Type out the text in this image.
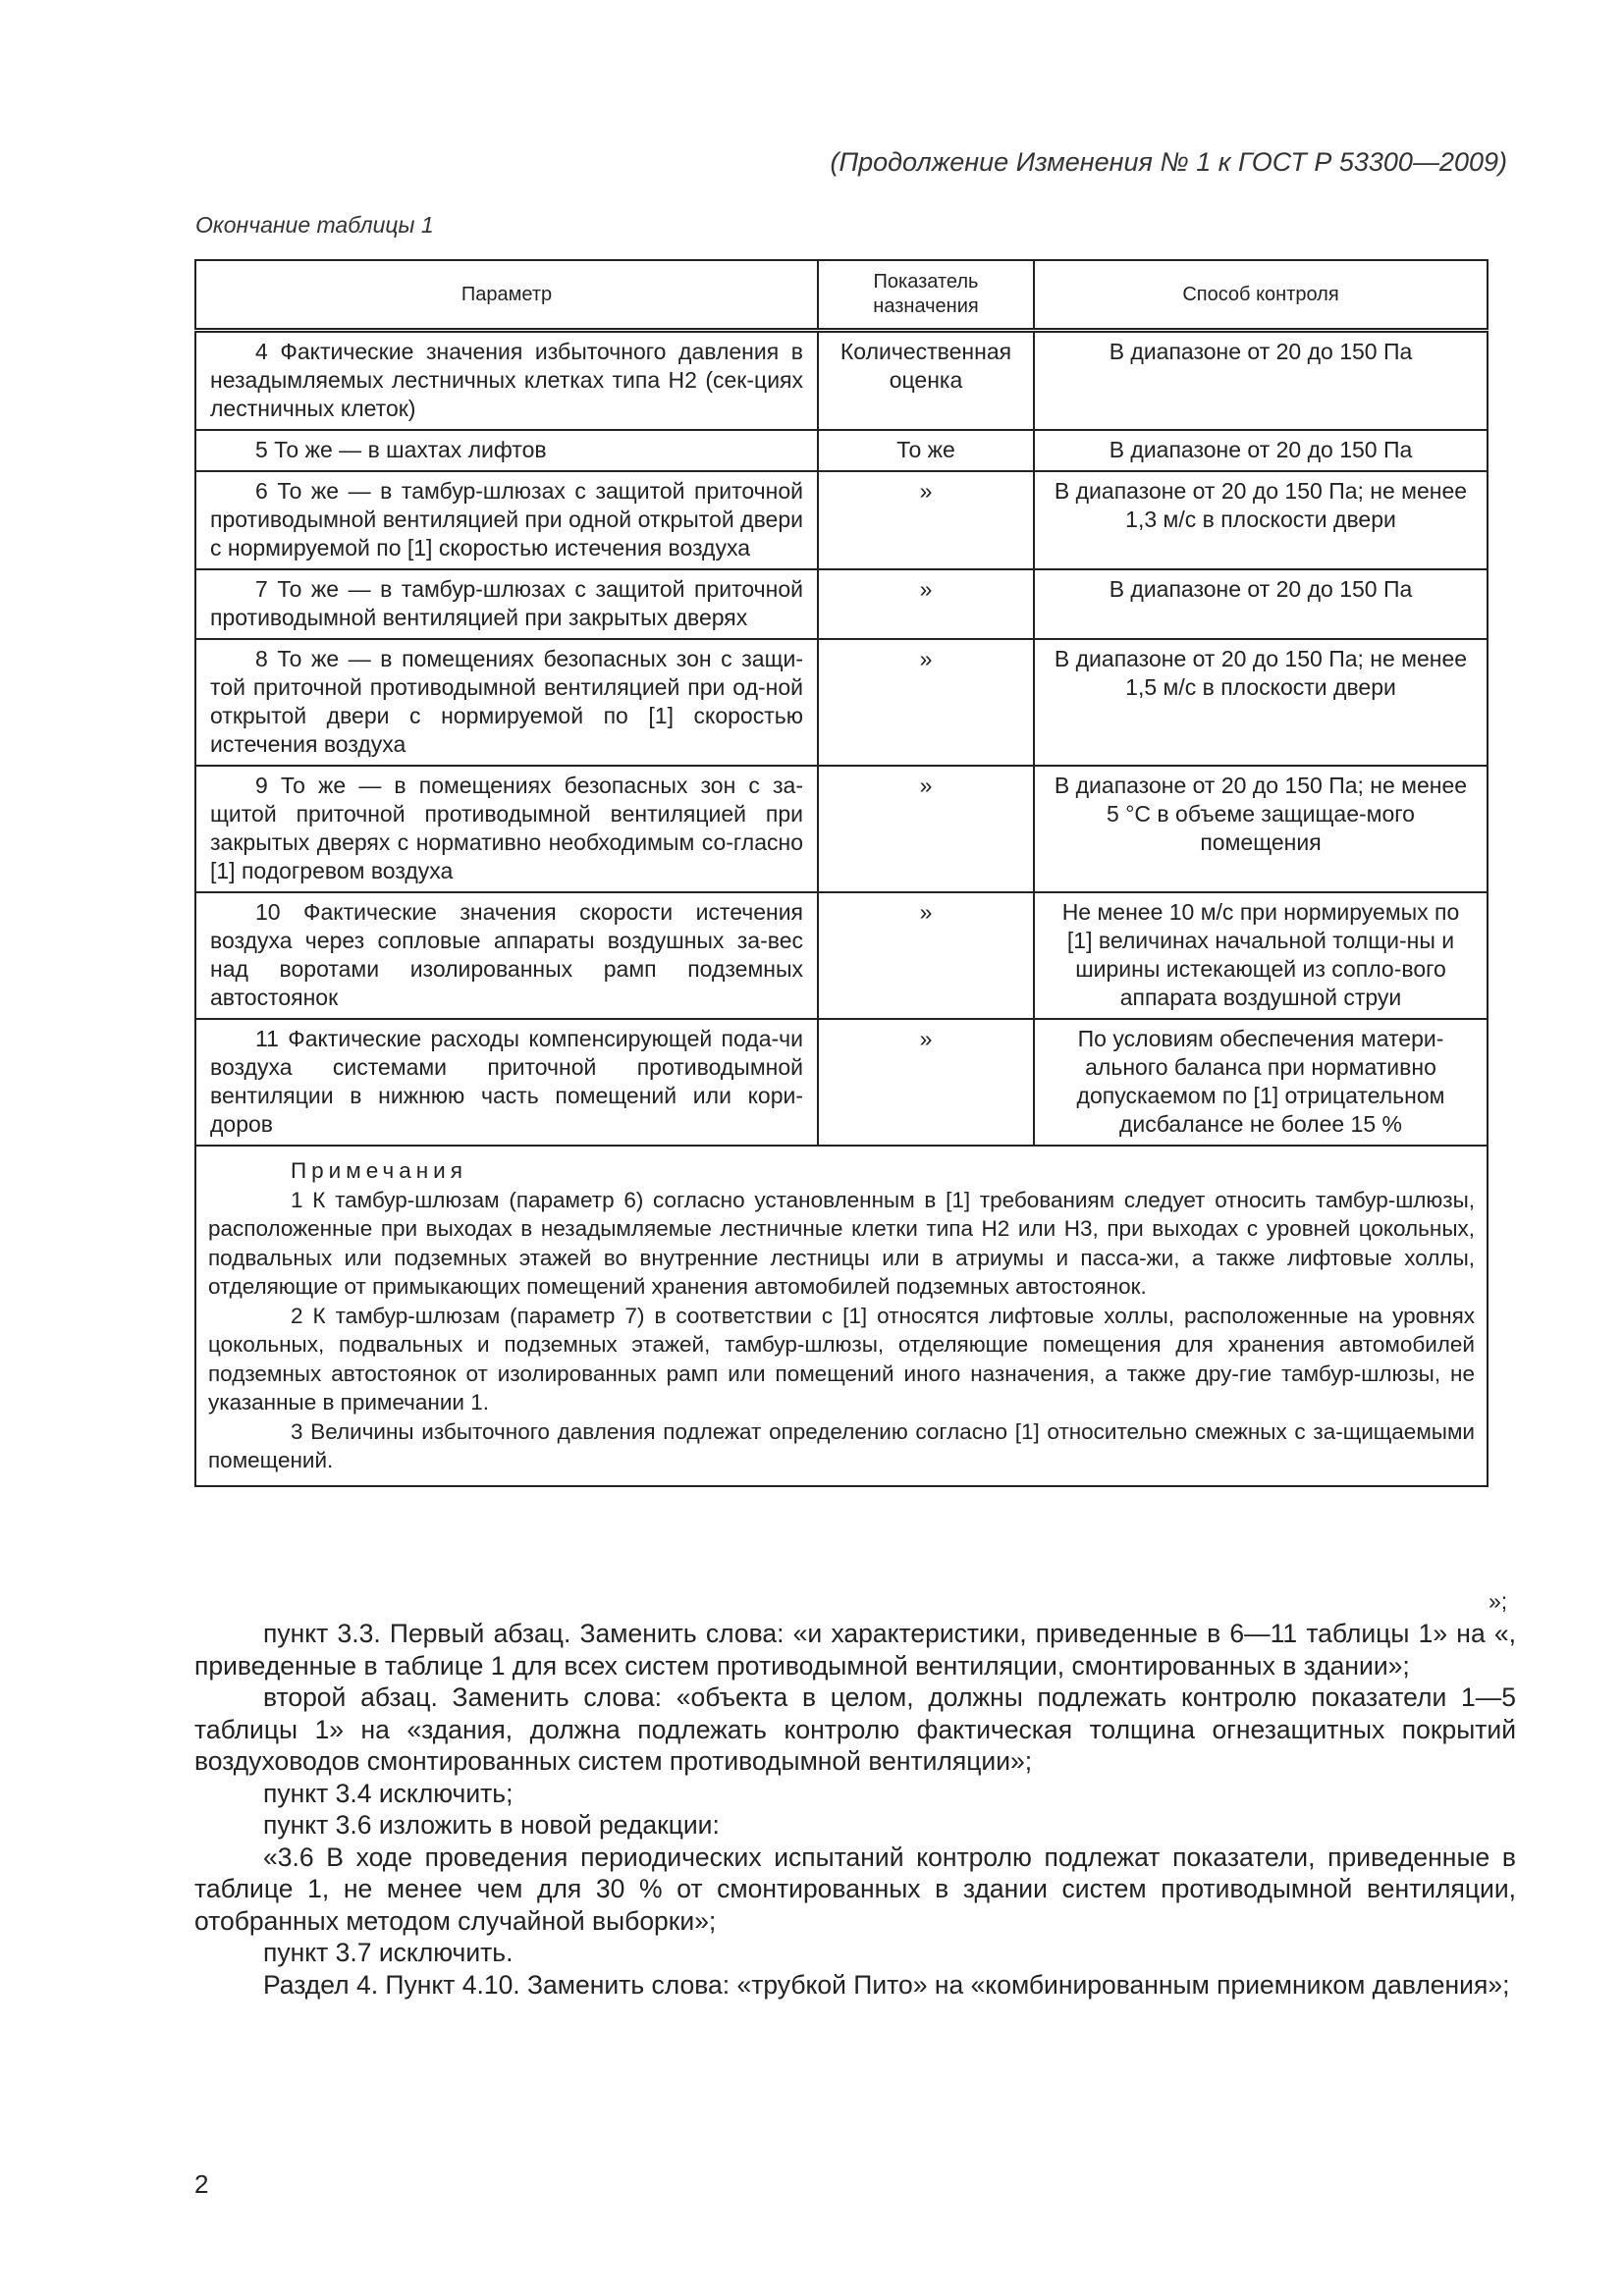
(Продолжение Изменения № 1 к ГОСТ Р 53300—2009)
Окончание таблицы 1
Параметр	Показатель назначения	Способ контроля
4 Фактические значения избыточного давления в незадымляемых лестничных клетках типа Н2 (сек-циях лестничных клеток)	Количественная оценка	В диапазоне от 20 до 150 Па
5 То же — в шахтах лифтов	То же	В диапазоне от 20 до 150 Па
6 То же — в тамбур-шлюзах с защитой приточной противодымной вентиляцией при одной открытой двери с нормируемой по [1] скоростью истечения воздуха	»	В диапазоне от 20 до 150 Па; не менее 1,3 м/с в плоскости двери
7 То же — в тамбур-шлюзах с защитой приточной противодымной вентиляцией при закрытых дверях	»	В диапазоне от 20 до 150 Па
8 То же — в помещениях безопасных зон с защи-той приточной противодымной вентиляцией при од-ной открытой двери с нормируемой по [1] скоростью истечения воздуха	»	В диапазоне от 20 до 150 Па; не менее 1,5 м/с в плоскости двери
9 То же — в помещениях безопасных зон с за-щитой приточной противодымной вентиляцией при закрытых дверях с нормативно необходимым со-гласно [1] подогревом воздуха	»	В диапазоне от 20 до 150 Па; не менее 5 °С в объеме защищае-мого помещения
10 Фактические значения скорости истечения воздуха через сопловые аппараты воздушных за-вес над воротами изолированных рамп подземных автостоянок	»	Не менее 10 м/с при нормируемых по [1] величинах начальной толщи-ны и ширины истекающей из сопло-вого аппарата воздушной струи
11 Фактические расходы компенсирующей пода-чи воздуха системами приточной противодымной вентиляции в нижнюю часть помещений или кори-доров	»	По условиям обеспечения матери-ального баланса при нормативно допускаемом по [1] отрицательном дисбалансе не более 15 %

Примечания

1 К тамбур-шлюзам (параметр 6) согласно установленным в [1] требованиям следует относить тамбур-шлюзы, расположенные при выходах в незадымляемые лестничные клетки типа Н2 или Н3, при выходах с уровней цокольных, подвальных или подземных этажей во внутренние лестницы или в атриумы и пасса-жи, а также лифтовые холлы, отделяющие от примыкающих помещений хранения автомобилей подземных автостоянок.

2 К тамбур-шлюзам (параметр 7) в соответствии с [1] относятся лифтовые холлы, расположенные на уровнях цокольных, подвальных и подземных этажей, тамбур-шлюзы, отделяющие помещения для хранения автомобилей подземных автостоянок от изолированных рамп или помещений иного назначения, а также дру-гие тамбур-шлюзы, не указанные в примечании 1.

3 Величины избыточного давления подлежат определению согласно [1] относительно смежных с за-щищаемыми помещений.		

»;

пункт 3.3. Первый абзац. Заменить слова: «и характеристики, приведенные в 6—11 таблицы 1» на «, приведенные в таблице 1 для всех систем противодымной вентиляции, смонтированных в здании»;

второй абзац. Заменить слова: «объекта в целом, должны подлежать контролю показатели 1—5 таблицы 1» на «здания, должна подлежать контролю фактическая толщина огнезащитных покрытий воздуховодов смонтированных систем противодымной вентиляции»;

пункт 3.4 исключить;

пункт 3.6 изложить в новой редакции:

«3.6 В ходе проведения периодических испытаний контролю подлежат показатели, приведенные в таблице 1, не менее чем для 30 % от смонтированных в здании систем противодымной вентиляции, отобранных методом случайной выборки»;

пункт 3.7 исключить.

Раздел 4. Пункт 4.10. Заменить слова: «трубкой Пито» на «комбинированным приемником давления»;

2
